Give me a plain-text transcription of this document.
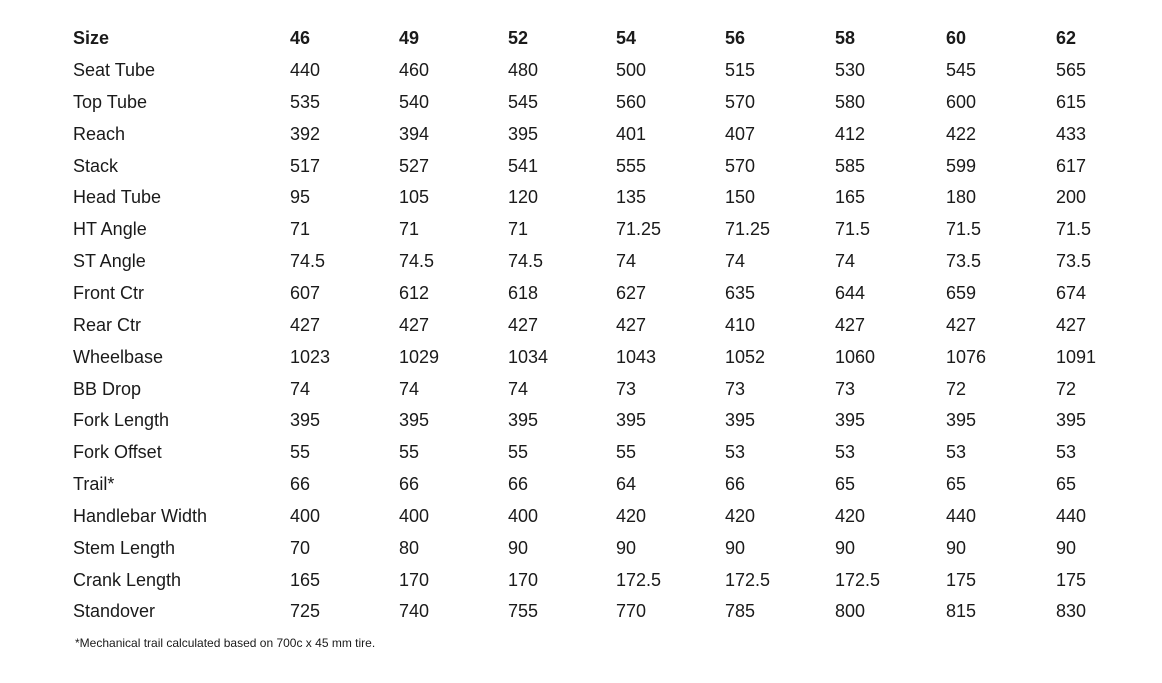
Size	46	49	52	54	56	58	60	62
Seat Tube	440	460	480	500	515	530	545	565
Top Tube	535	540	545	560	570	580	600	615
Reach	392	394	395	401	407	412	422	433
Stack	517	527	541	555	570	585	599	617
Head Tube	95	105	120	135	150	165	180	200
HT Angle	71	71	71	71.25	71.25	71.5	71.5	71.5
ST Angle	74.5	74.5	74.5	74	74	74	73.5	73.5
Front Ctr	607	612	618	627	635	644	659	674
Rear Ctr	427	427	427	427	410	427	427	427
Wheelbase	1023	1029	1034	1043	1052	1060	1076	1091
BB Drop	74	74	74	73	73	73	72	72
Fork Length	395	395	395	395	395	395	395	395
Fork Offset	55	55	55	55	53	53	53	53
Trail*	66	66	66	64	66	65	65	65
Handlebar Width	400	400	400	420	420	420	440	440
Stem Length	70	80	90	90	90	90	90	90
Crank Length	165	170	170	172.5	172.5	172.5	175	175
Standover	725	740	755	770	785	800	815	830
*Mechanical trail calculated based on 700c x 45 mm tire.
